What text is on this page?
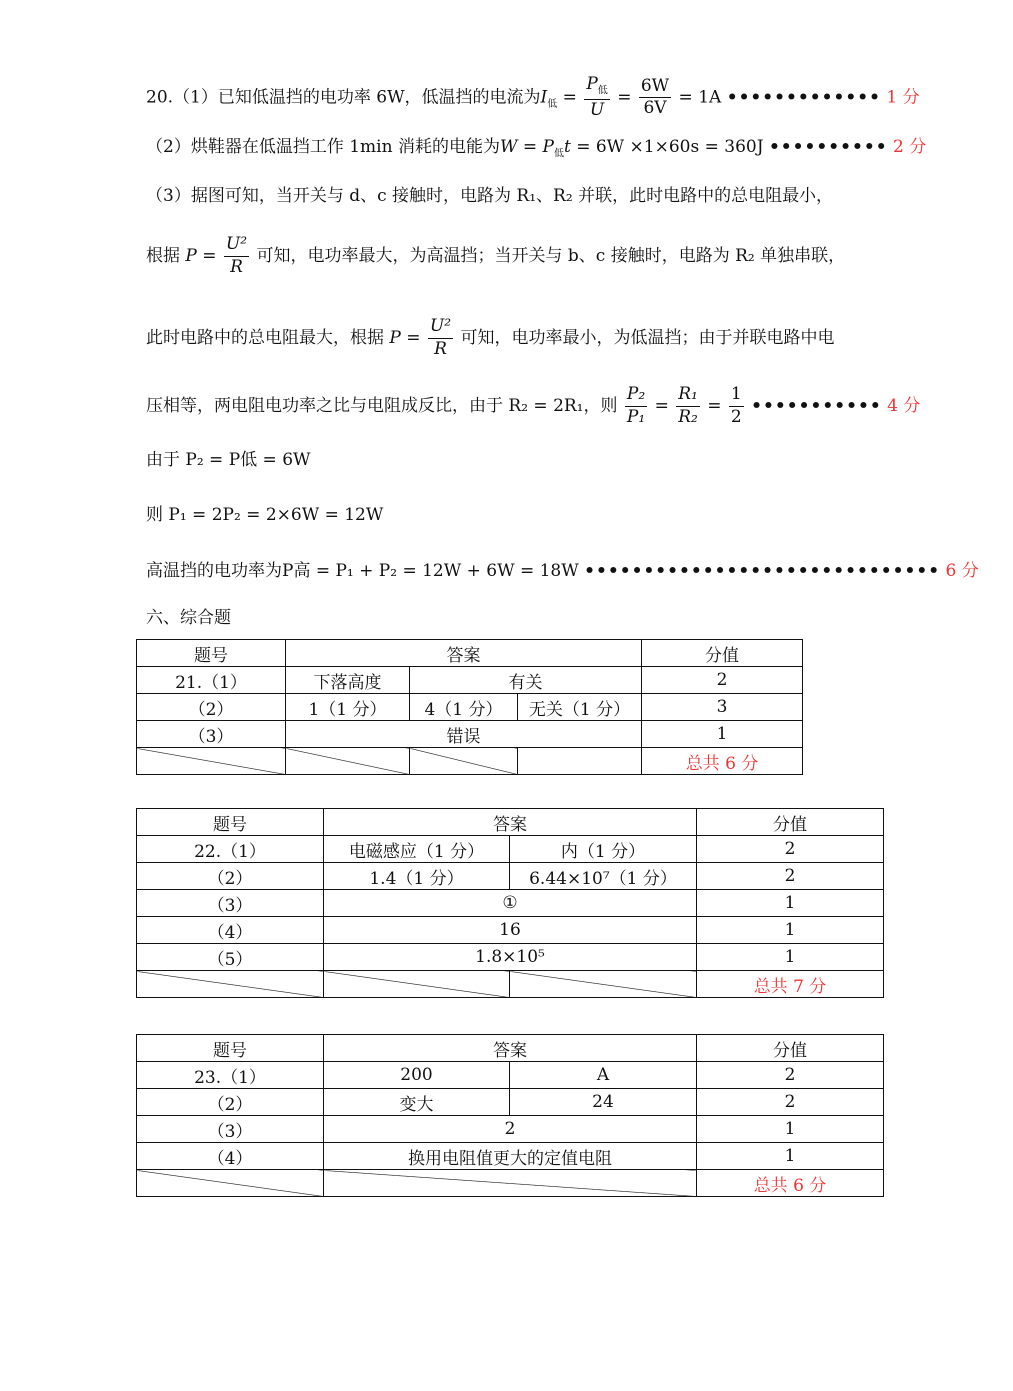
20.（1）已知低温挡的电功率 6W，低温挡的电流为$I_低 = \frac{P_低}{U} = \frac{6W}{6V} = 1A$ ••••••••••••• 1 分
（2）烘鞋器在低温挡工作 1min 消耗的电能为$W = P_低t = 6W \times 1\times 60s = 360J$ •••••••••• 2 分
（3）据图可知，当开关与 d、c 接触时，电路为 R₁、R₂ 并联，此时电路中的总电阻最小，
根据 $P = \frac{\text{U²}}{R}$ 可知，电功率最大，为高温挡；当开关与 b、c 接触时，电路为 R₂ 单独串联，
此时电路中的总电阻最大，根据 $P = \frac{\text{U²}}{R}$ 可知，电功率最小，为低温挡；由于并联电路中电
压相等，两电阻电功率之比与电阻成反比，由于 R₂ = 2R₁，则 $\frac{\text{P₂}}{\text{P₁}} = \frac{\text{R₁}}{\text{R₂}} = \frac{1}{2}$ ••••••••••• 4 分
由于 P₂ = P低 = 6W
则 P₁ = 2P₂ = 2×6W = 12W
高温挡的电功率为P高 = P₁ + P₂ = 12W + 6W = 18W •••••••••••••••••••••••••••••• 6 分
六、综合题
题号	答案			分值
21.（1）	下落高度	有关		2
（2）	1（1 分）	4（1 分）	无关（1 分）	3
（3）	错误			1
				总共 6 分
题号	答案		分值
22.（1）	电磁感应（1 分）	内（1 分）	2
（2）	1.4（1 分）	6.44×10⁷（1 分）	2
（3）	①		1
（4）	16		1
（5）	1.8×10⁵		1
			总共 7 分
题号	答案		分值
23.（1）	200	A	2
（2）	变大	24	2
（3）	2		1
（4）	换用电阻值更大的定值电阻		1
			总共 6 分
